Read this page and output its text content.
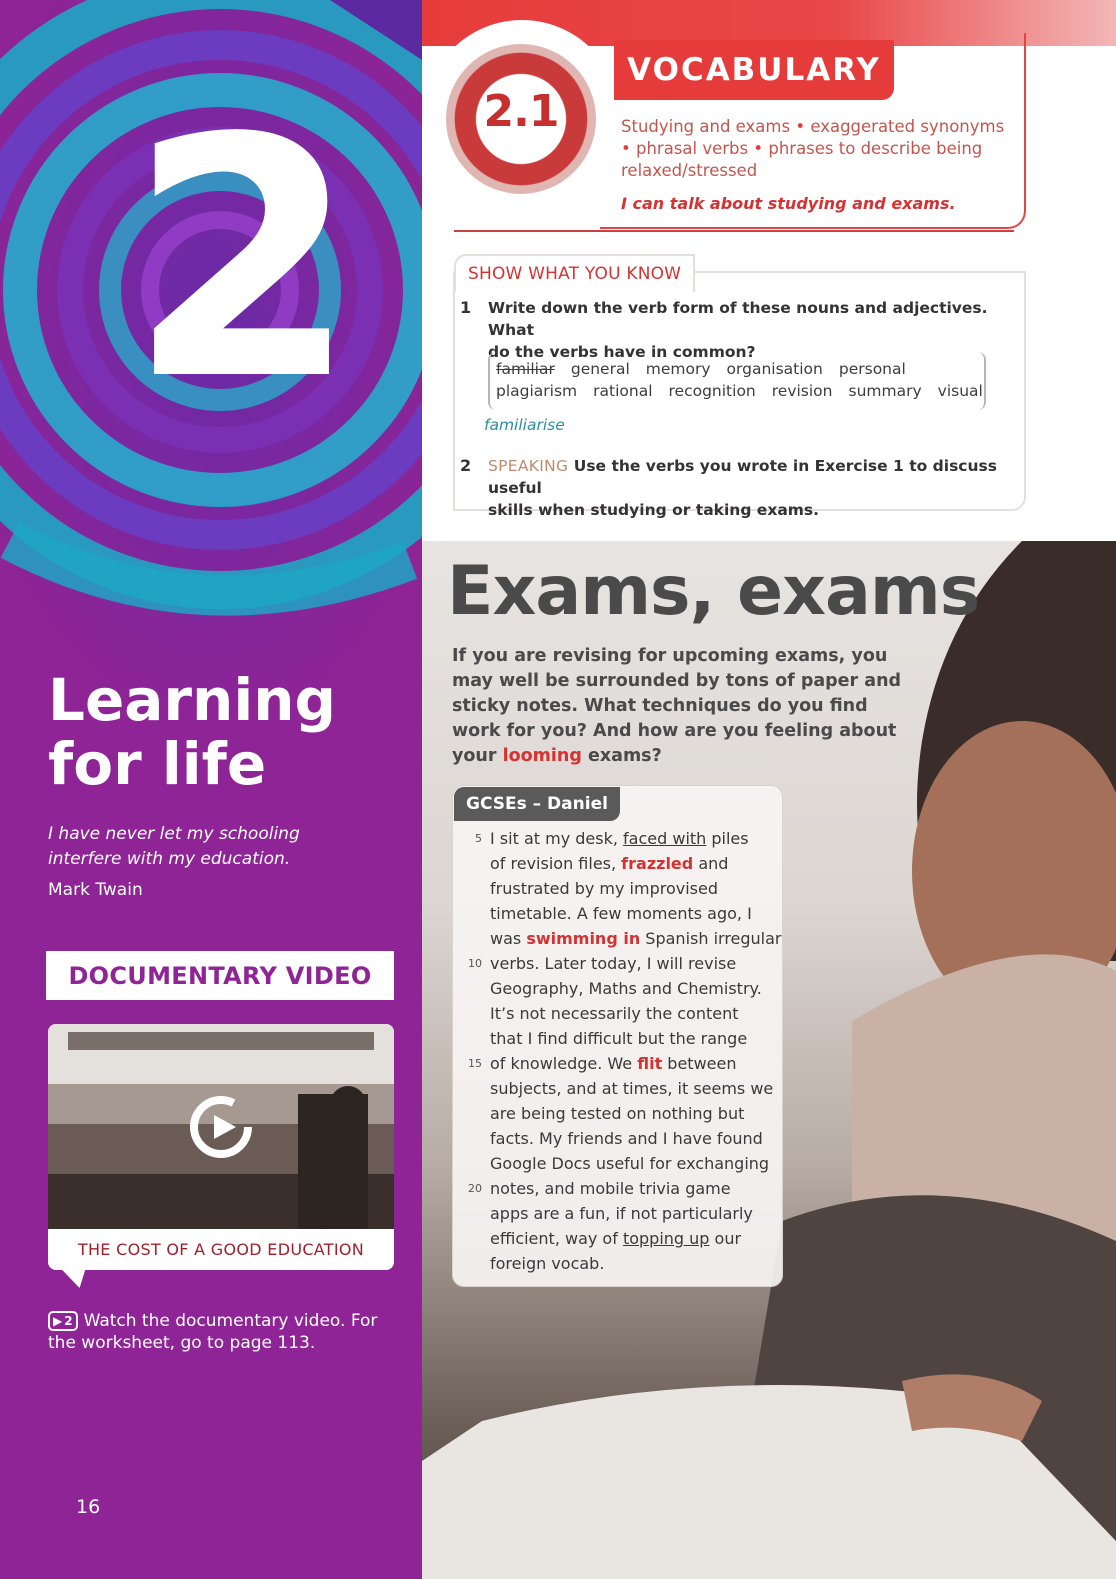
2
Learning
for life

I have never let my schooling interfere with my education.

Mark Twain
DOCUMENTARY VIDEO
THE COST OF A GOOD EDUCATION
▶ 2 Watch the documentary video. For the worksheet, go to page 113.
16
2.1
VOCABULARY
Studying and exams • exaggerated synonyms • phrasal verbs • phrases to describe being relaxed/stressed
I can talk about studying and exams.
SHOW WHAT YOU KNOW
1 Write down the verb form of these nouns and adjectives. What
do the verbs have in common?
familiar general memory organisation personal
plagiarism rational recognition revision summary visual
familiarise
2 SPEAKING Use the verbs you wrote in Exercise 1 to discuss useful
skills when studying or taking exams.
Exams, exams
If you are revising for upcoming exams, you may well be surrounded by tons of paper and sticky notes. What techniques do you find work for you? And how are you feeling about your looming exams?
GCSEs – Daniel
5
10
15
20
I sit at my desk, faced with piles
of revision files, frazzled and
frustrated by my improvised
timetable. A few moments ago, I
was swimming in Spanish irregular
verbs. Later today, I will revise
Geography, Maths and Chemistry.
It’s not necessarily the content
that I find difficult but the range
of knowledge. We flit between
subjects, and at times, it seems we
are being tested on nothing but
facts. My friends and I have found
Google Docs useful for exchanging
notes, and mobile trivia game
apps are a fun, if not particularly
efficient, way of topping up our
foreign vocab.
